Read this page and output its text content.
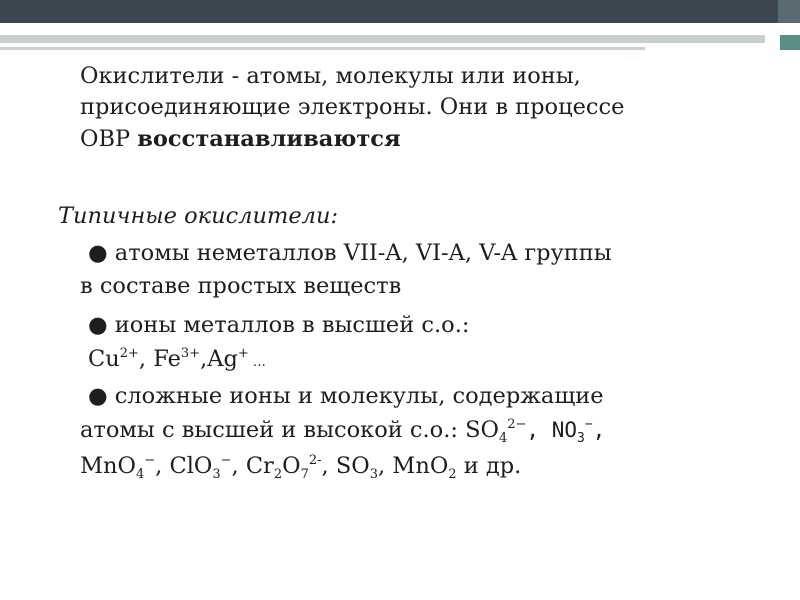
Окислители - атомы, молекулы или ионы,
присоединяющие электроны. Они в процессе
ОВР восстанавливаются
Типичные окислители:
● атомы неметаллов VII-A, VI-A, V-A группы
в составе простых веществ
● ионы металлов в высшей с.о.:
$Cu^{2+}$, $Fe^{3+},Ag^+$ …
● сложные ионы и молекулы, содержащие
атомы с высшей и высокой с.о.: $SO_4^{2-}$, $NO_3^-$,
MnO$_4$−, ClO$_3$−, $Cr_2O_7^{2-}$, $SO_3$, MnO$_2$ и др.
